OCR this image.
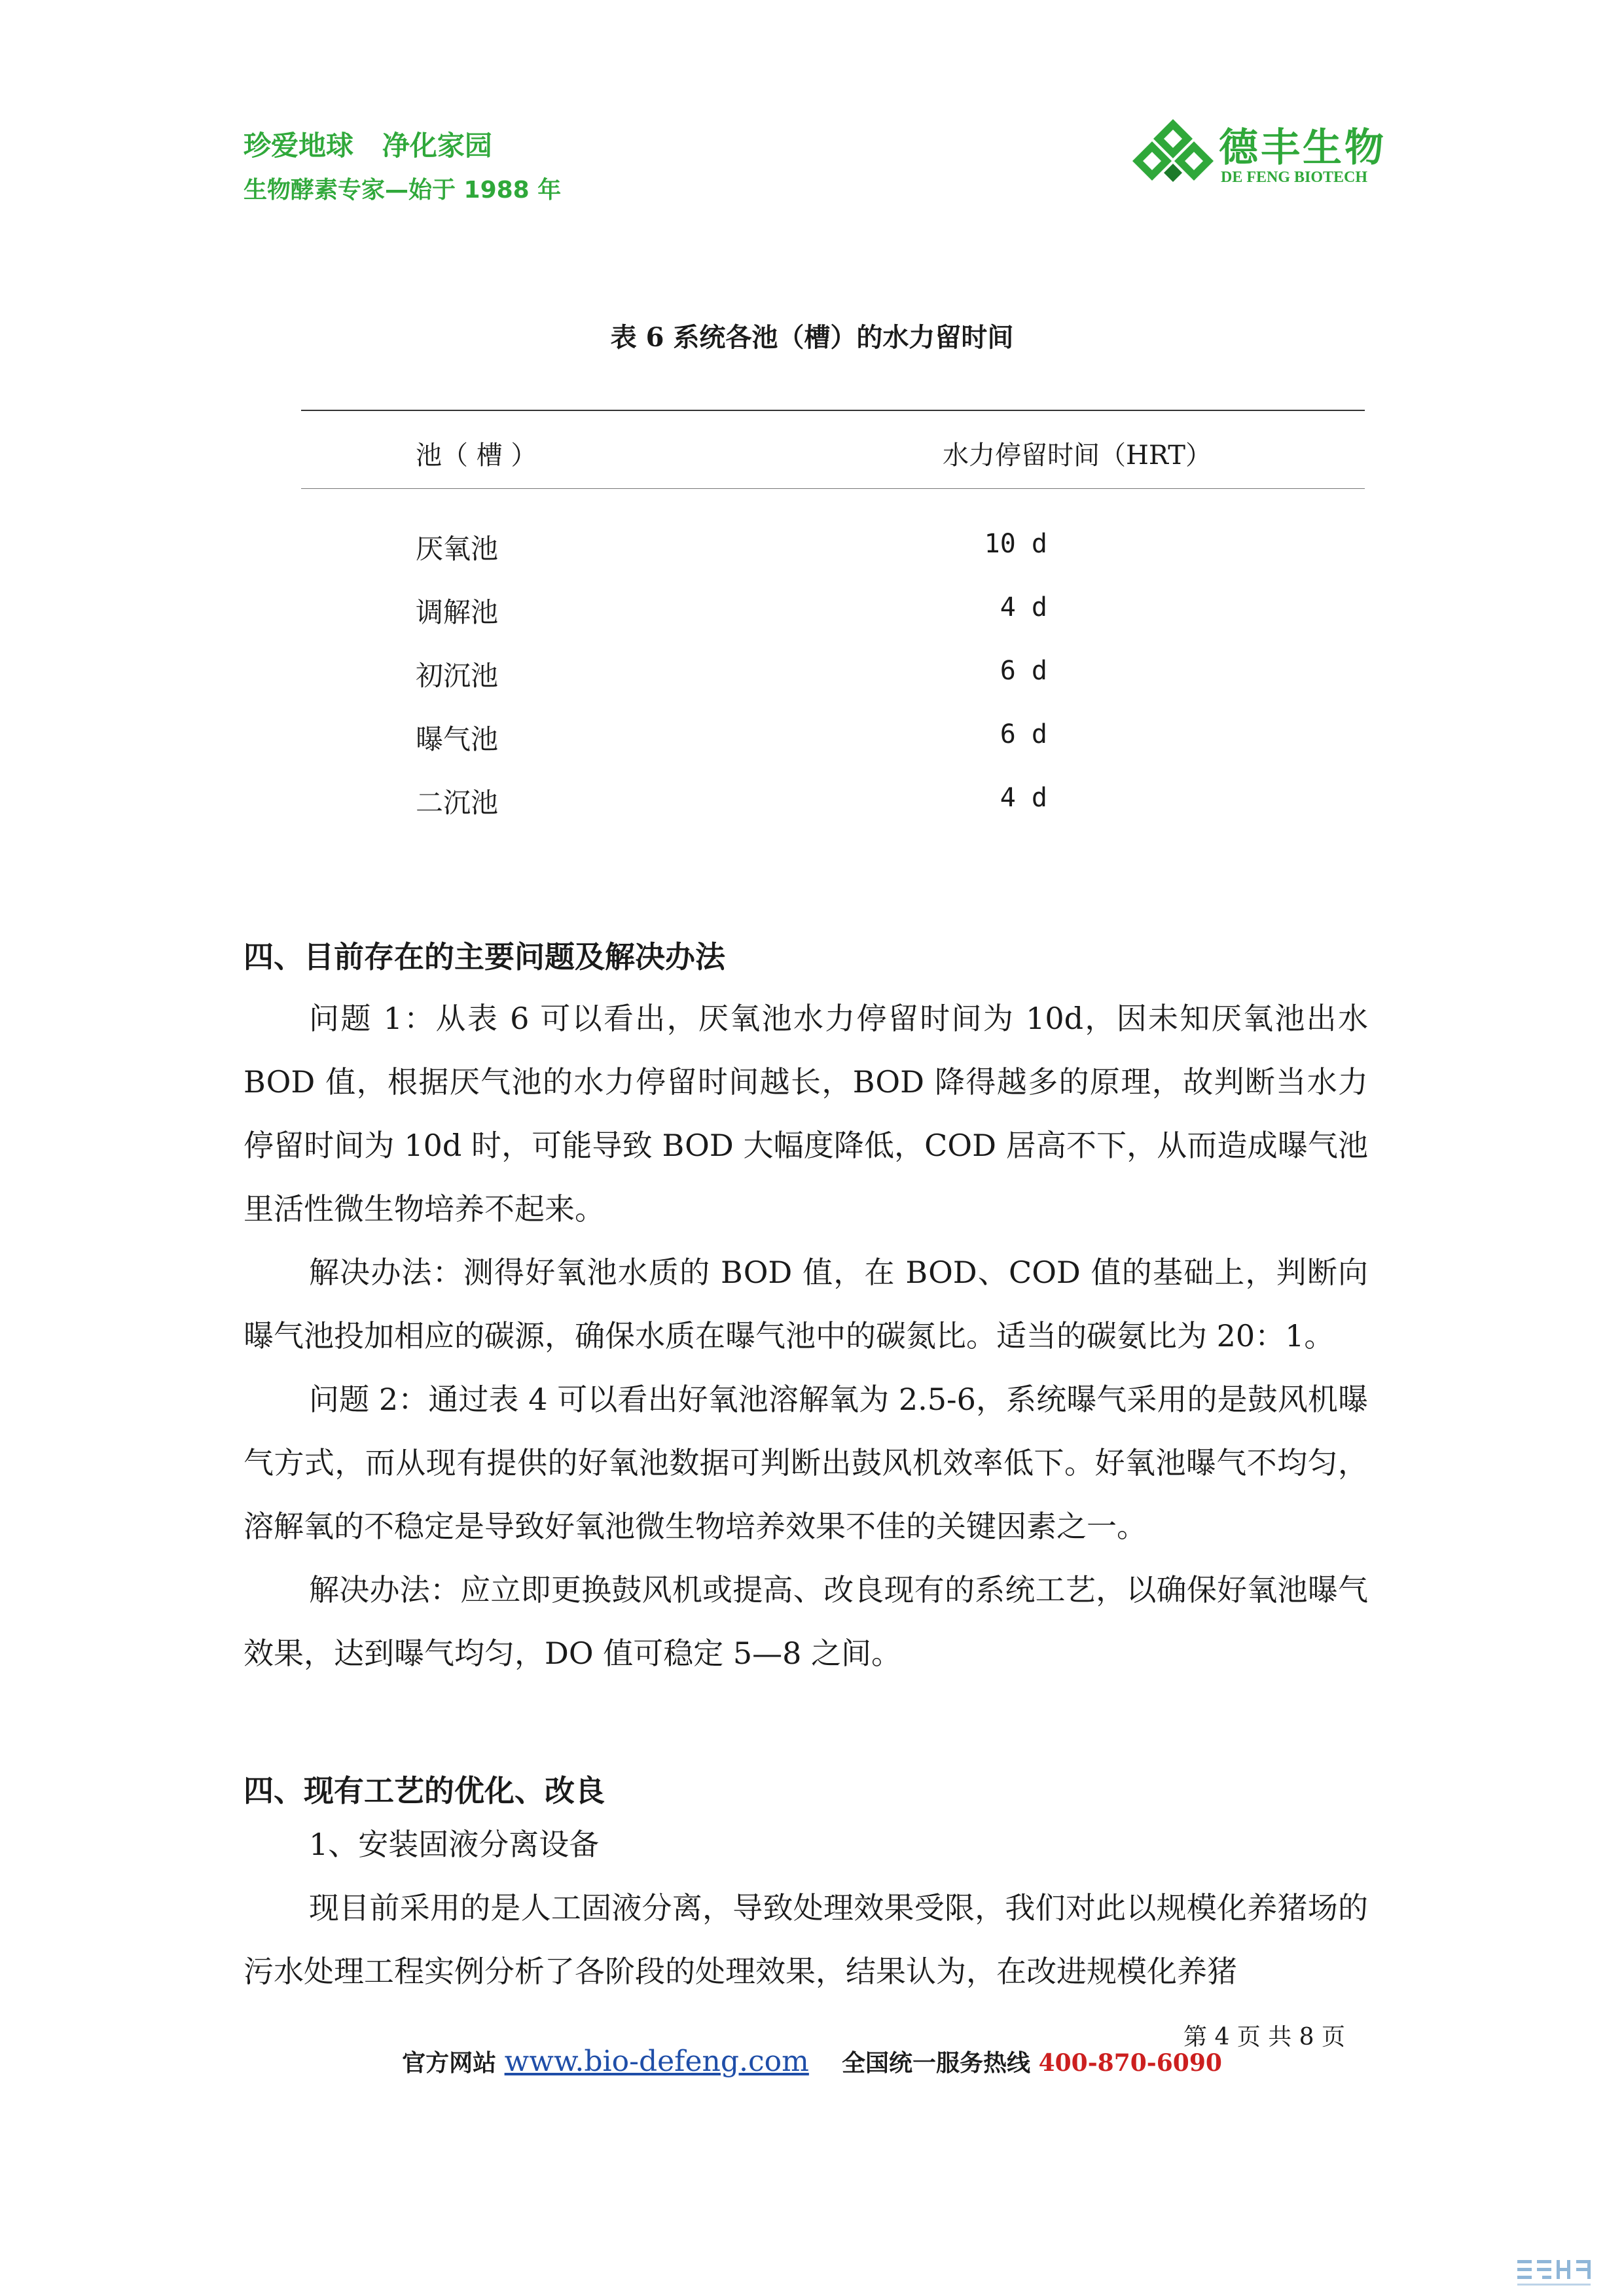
珍爱地球   净化家园
生物酵素专家—始于 1988 年
德丰生物
DE FENG BIOTECH
表 6 系统各池（槽）的水力留时间
池（ 槽 ）	水力停留时间（HRT）
厌氧池	10 d
调解池	4 d
初沉池	6 d
曝气池	6 d
二沉池	4 d
四、目前存在的主要问题及解决办法
问题 1：从表 6 可以看出，厌氧池水力停留时间为 10d，因未知厌氧池出水 BOD 值，根据厌气池的水力停留时间越长，BOD 降得越多的原理，故判断当水力停留时间为 10d 时，可能导致 BOD 大幅度降低，COD 居高不下，从而造成曝气池里活性微生物培养不起来。
解决办法：测得好氧池水质的 BOD 值，在 BOD、COD 值的基础上，判断向曝气池投加相应的碳源，确保水质在曝气池中的碳氮比。适当的碳氨比为 20：1。
问题 2：通过表 4 可以看出好氧池溶解氧为 2.5-6，系统曝气采用的是鼓风机曝气方式，而从现有提供的好氧池数据可判断出鼓风机效率低下。好氧池曝气不均匀，溶解氧的不稳定是导致好氧池微生物培养效果不佳的关键因素之一。
解决办法：应立即更换鼓风机或提高、改良现有的系统工艺，以确保好氧池曝气效果，达到曝气均匀，DO 值可稳定 5—8 之间。
四、现有工艺的优化、改良
1、安装固液分离设备
现目前采用的是人工固液分离，导致处理效果受限，我们对此以规模化养猪场的污水处理工程实例分析了各阶段的处理效果，结果认为，在改进规模化养猪
第 4 页 共 8 页
官方网站 www.bio-defeng.com 全国统一服务热线 400-870-6090
